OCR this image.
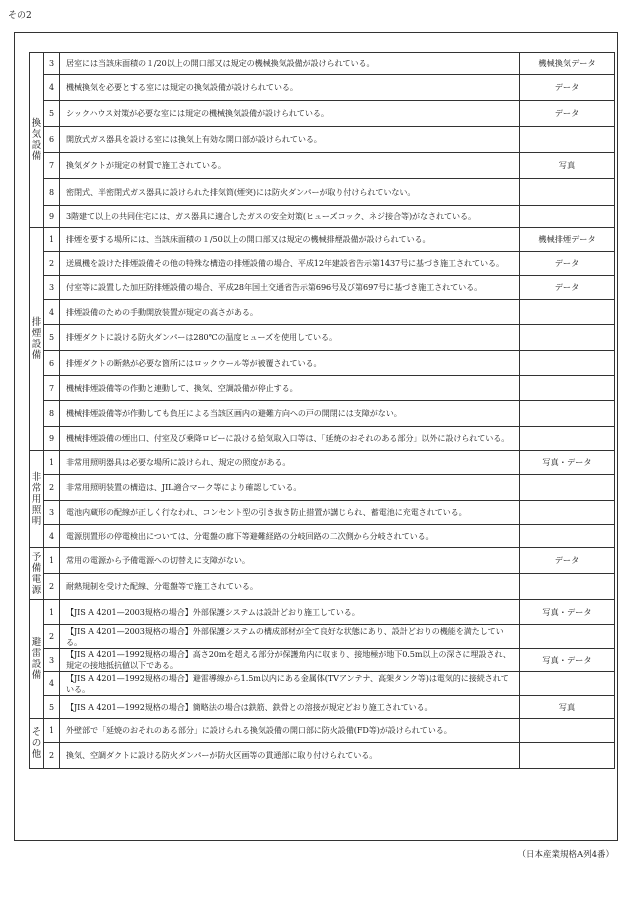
その2
換気設備	3	居室には当該床面積の１/20以上の開口部又は規定の機械換気設備が設けられている。	機械換気データ
	4	機械換気を必要とする室には規定の換気設備が設けられている。	データ
	5	シックハウス対策が必要な室には規定の機械換気設備が設けられている。	データ
	6	開放式ガス器具を設ける室には換気上有効な開口部が設けられている。	
	7	換気ダクトが規定の材質で施工されている。	写真
	8	密閉式、半密閉式ガス器具に設けられた排気筒(煙突)には防火ダンパーが取り付けられていない。	
	9	3階建て以上の共同住宅には、ガス器具に適合したガスの安全対策(ヒューズコック、ネジ接合等)がなされている。	
排煙設備	1	排煙を要する場所には、当該床面積の１/50以上の開口部又は規定の機械排煙設備が設けられている。	機械排煙データ
	2	送風機を設けた排煙設備その他の特殊な構造の排煙設備の場合、平成12年建設省告示第1437号に基づき施工されている。	データ
	3	付室等に設置した加圧防排煙設備の場合、平成28年国土交通省告示第696号及び第697号に基づき施工されている。	データ
	4	排煙設備のための手動開放装置が規定の高さがある。	
	5	排煙ダクトに設ける防火ダンパーは280℃の温度ヒューズを使用している。	
	6	排煙ダクトの断熱が必要な箇所にはロックウール等が被覆されている。	
	7	機械排煙設備等の作動と連動して、換気、空調設備が停止する。	
	8	機械排煙設備等が作動しても負圧による当該区画内の避難方向への戸の開閉には支障がない。	
	9	機械排煙設備の煙出口、付室及び乗降ロビーに設ける給気取入口等は、「延焼のおそれのある部分」以外に設けられている。	
非常用照明	1	非常用照明器具は必要な場所に設けられ、規定の照度がある。	写真・データ
	2	非常用照明装置の構造は、JIL適合マーク等により確認している。	
	3	電池内蔵形の配線が正しく行なわれ、コンセント型の引き抜き防止措置が講じられ、蓄電池に充電されている。	
	4	電源別置形の停電検出については、分電盤の廊下等避難経路の分岐回路の二次側から分岐されている。	
予備電源	1	常用の電源から予備電源への切替えに支障がない。	データ
	2	耐熱規制を受けた配線、分電盤等で施工されている。	
避雷設備	1	【JIS A 4201—2003規格の場合】外部保護システムは設計どおり施工している。	写真・データ
	2	【JIS A 4201—2003規格の場合】外部保護システムの構成部材が全て良好な状態にあり、設計どおりの機能を満たしている。	
	3	【JIS A 4201—1992規格の場合】高さ20mを超える部分が保護角内に収まり、接地極が地下0.5m以上の深さに埋設され、規定の接地抵抗値以下である。	写真・データ
	4	【JIS A 4201—1992規格の場合】避雷導線から1.5m以内にある金属体(TVアンテナ、高架タンク等)は電気的に接続されている。	
	5	【JIS A 4201—1992規格の場合】簡略法の場合は鉄筋、鉄骨との溶接が規定どおり施工されている。	写真
その他	1	外壁部で「延焼のおそれのある部分」に設けられる換気設備の開口部に防火設備(FD等)が設けられている。	
	2	換気、空調ダクトに設ける防火ダンパーが防火区画等の貫通部に取り付けられている。	
（日本産業規格A列4番）
